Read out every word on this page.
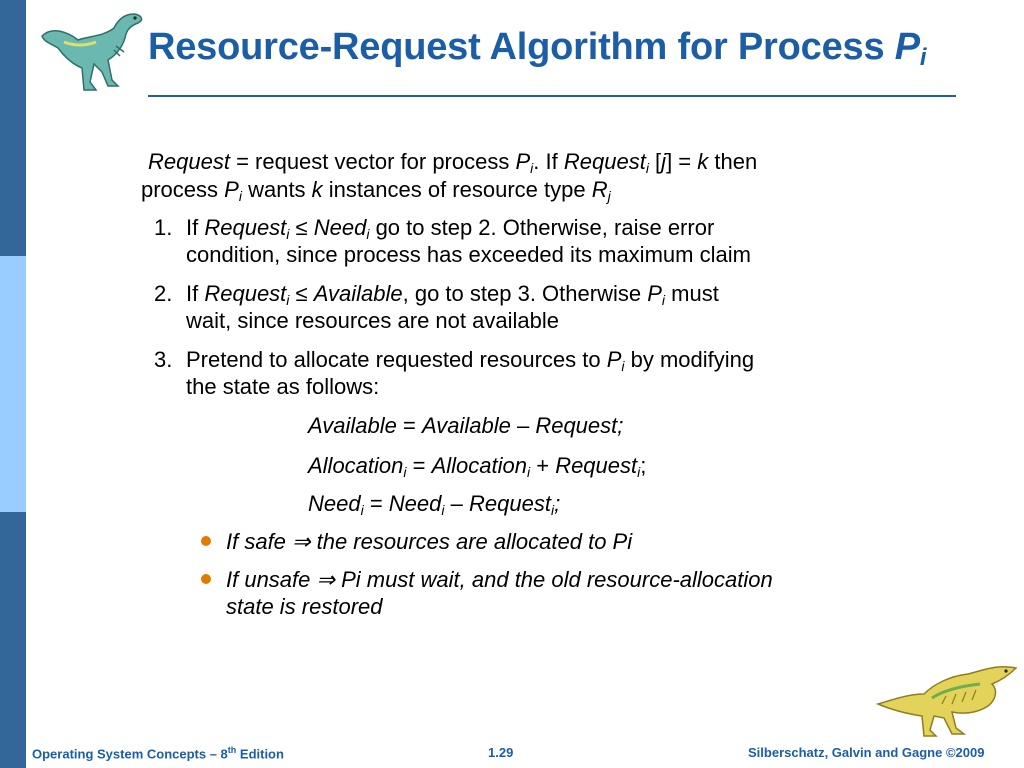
Resource-Request Algorithm for Process $P_i$
Request = request vector for process $P_i$. If Request$_i$ [j] = k then
process $P_i$ wants k instances of resource type $R_j$
1. If Request$_i$ ≤ Need$_i$ go to step 2. Otherwise, raise error
condition, since process has exceeded its maximum claim
2. If Request$_i$ ≤ Available, go to step 3. Otherwise $P_i$ must
wait, since resources are not available
3. Pretend to allocate requested resources to $P_i$ by modifying
the state as follows:
Available = Available – Request;
Allocation$_i$ = Allocation$_i$ + Request$_i$;
Need$_i$ = Need$_i$ – Request$_i$;
If safe ⇒ the resources are allocated to Pi
If unsafe ⇒ Pi must wait, and the old resource-allocation
state is restored
Operating System Concepts – 8th Edition	1.29	Silberschatz, Galvin and Gagne ©2009
